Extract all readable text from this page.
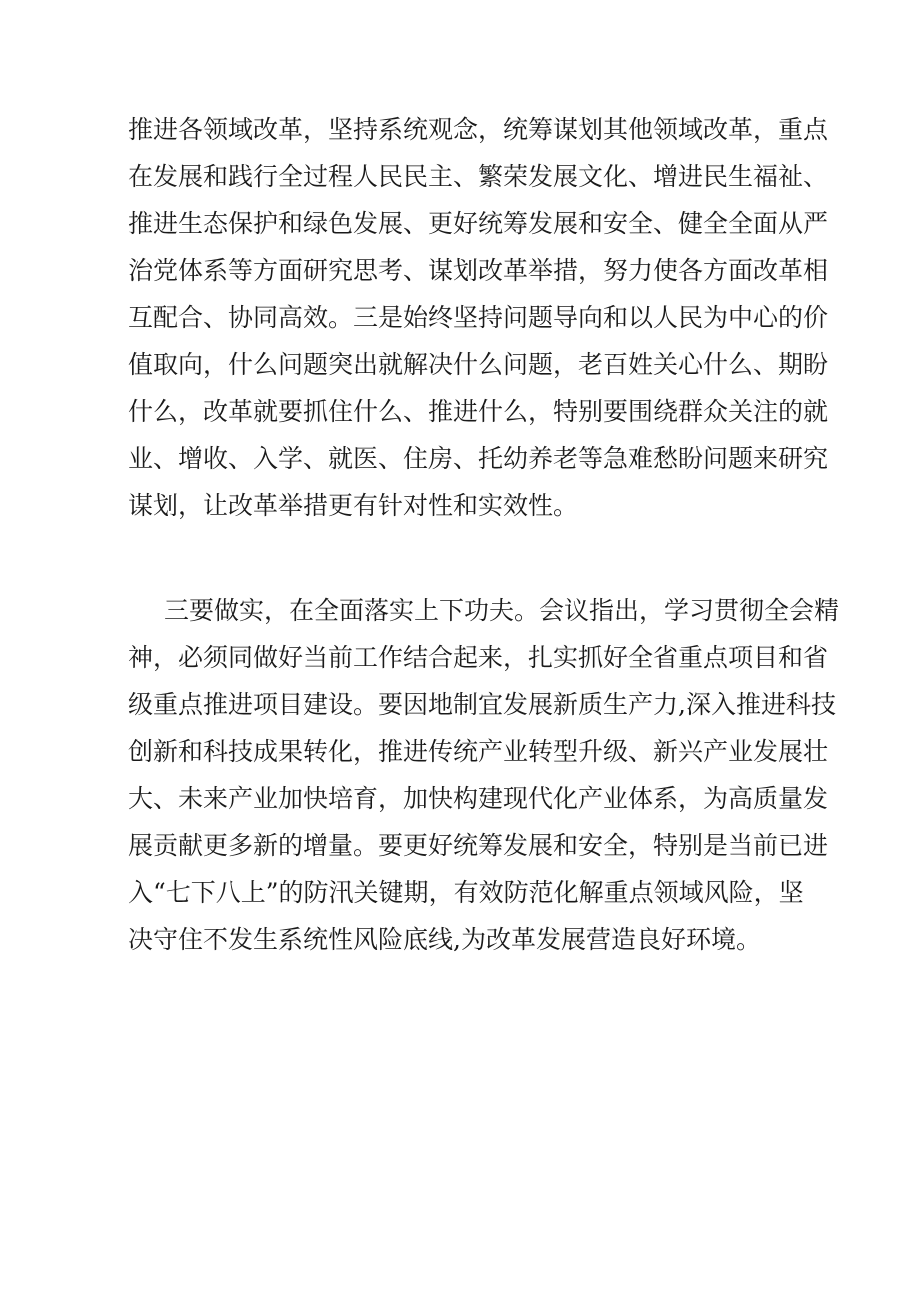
推进各领域改革，坚持系统观念，统筹谋划其他领域改革，重点
在发展和践行全过程人民民主、繁荣发展文化、增进民生福祉、
推进生态保护和绿色发展、更好统筹发展和安全、健全全面从严
治党体系等方面研究思考、谋划改革举措，努力使各方面改革相
互配合、协同高效。三是始终坚持问题导向和以人民为中心的价
值取向，什么问题突出就解决什么问题，老百姓关心什么、期盼
什么，改革就要抓住什么、推进什么，特别要围绕群众关注的就
业、增收、入学、就医、住房、托幼养老等急难愁盼问题来研究
谋划，让改革举措更有针对性和实效性。
三要做实，在全面落实上下功夫。会议指出，学习贯彻全会精
神，必须同做好当前工作结合起来，扎实抓好全省重点项目和省
级重点推进项目建设。要因地制宜发展新质生产力,深入推进科技
创新和科技成果转化，推进传统产业转型升级、新兴产业发展壮
大、未来产业加快培育，加快构建现代化产业体系，为高质量发
展贡献更多新的增量。要更好统筹发展和安全，特别是当前已进
入“七下八上”的防汛关键期，有效防范化解重点领域风险，坚
决守住不发生系统性风险底线,为改革发展营造良好环境。
